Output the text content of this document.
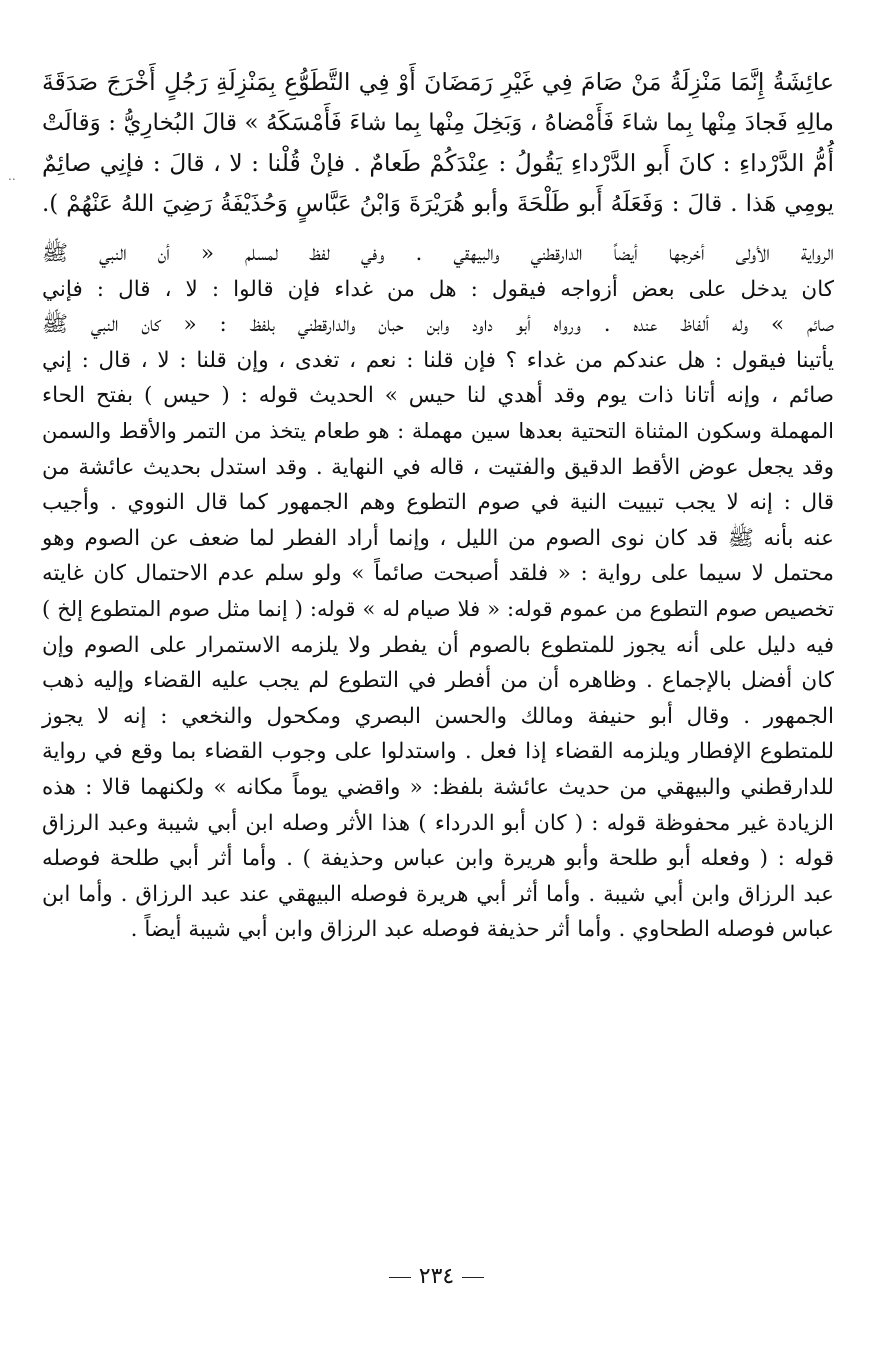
..
عائِشَةُ إِنَّمَا مَنْزِلَةُ مَنْ صَامَ فِي غَيْرِ رَمَضَانَ أَوْ فِي التَّطَوُّعِ بِمَنْزِلَةِ رَجُلٍ أَخْرَجَ صَدَقَةَ
مالِهِ فَجادَ مِنْها بِما شاءَ فَأَمْضاهُ ، وَبَخِلَ مِنْها بِما شاءَ فَأَمْسَكَهُ » قالَ البُخارِيُّ : وَقالَتْ
أُمُّ الدَّرْداءِ : كانَ أَبو الدَّرْداءِ يَقُولُ : عِنْدَكُمْ طَعامٌ . فإنْ قُلْنا : لا ، قالَ : فإنِي صائِمٌ
يومِي هَذا . قالَ : وَفَعَلَهُ أَبو طَلْحَةَ وأبو هُرَيْرَةَ وَابْنُ عَبَّاسٍ وَحُذَيْفَةُ رَضِيَ اللهُ عَنْهُمْ ).
الرواية الأولى أخرجها أيضاً الدارقطني والبيهقي . وفي لفظ لمسلم « أن النبي ﷺ
كان يدخل على بعض أزواجه فيقول : هل من غداء فإن قالوا : لا ، قال : فإني
صائم » وله ألفاظ عنده . ورواه أبو داود وابن حبان والدارقطني بلفظ : « كان النبي ﷺ
يأتينا فيقول : هل عندكم من غداء ؟ فإن قلنا : نعم ، تغدى ، وإن قلنا : لا ، قال : إني
صائم ، وإنه أتانا ذات يوم وقد أهدي لنا حيس » الحديث قوله : ( حيس ) بفتح الحاء
المهملة وسكون المثناة التحتية بعدها سين مهملة : هو طعام يتخذ من التمر والأقط والسمن
وقد يجعل عوض الأقط الدقيق والفتيت ، قاله في النهاية . وقد استدل بحديث عائشة من
قال : إنه لا يجب تبييت النية في صوم التطوع وهم الجمهور كما قال النووي . وأجيب
عنه بأنه ﷺ قد كان نوى الصوم من الليل ، وإنما أراد الفطر لما ضعف عن الصوم وهو
محتمل لا سيما على رواية : « فلقد أصبحت صائماً » ولو سلم عدم الاحتمال كان غايته
تخصيص صوم التطوع من عموم قوله: « فلا صيام له » قوله: ( إنما مثل صوم المتطوع إلخ )
فيه دليل على أنه يجوز للمتطوع بالصوم أن يفطر ولا يلزمه الاستمرار على الصوم وإن
كان أفضل بالإجماع . وظاهره أن من أفطر في التطوع لم يجب عليه القضاء وإليه ذهب
الجمهور . وقال أبو حنيفة ومالك والحسن البصري ومكحول والنخعي : إنه لا يجوز
للمتطوع الإفطار ويلزمه القضاء إذا فعل . واستدلوا على وجوب القضاء بما وقع في رواية
للدارقطني والبيهقي من حديث عائشة بلفظ: « واقضي يوماً مكانه » ولكنهما قالا : هذه
الزيادة غير محفوظة قوله : ( كان أبو الدرداء ) هذا الأثر وصله ابن أبي شيبة وعبد الرزاق
قوله : ( وفعله أبو طلحة وأبو هريرة وابن عباس وحذيفة ) . وأما أثر أبي طلحة فوصله
عبد الرزاق وابن أبي شيبة . وأما أثر أبي هريرة فوصله البيهقي عند عبد الرزاق . وأما ابن
عباس فوصله الطحاوي . وأما أثر حذيفة فوصله عبد الرزاق وابن أبي شيبة أيضاً .
٢٣٤
